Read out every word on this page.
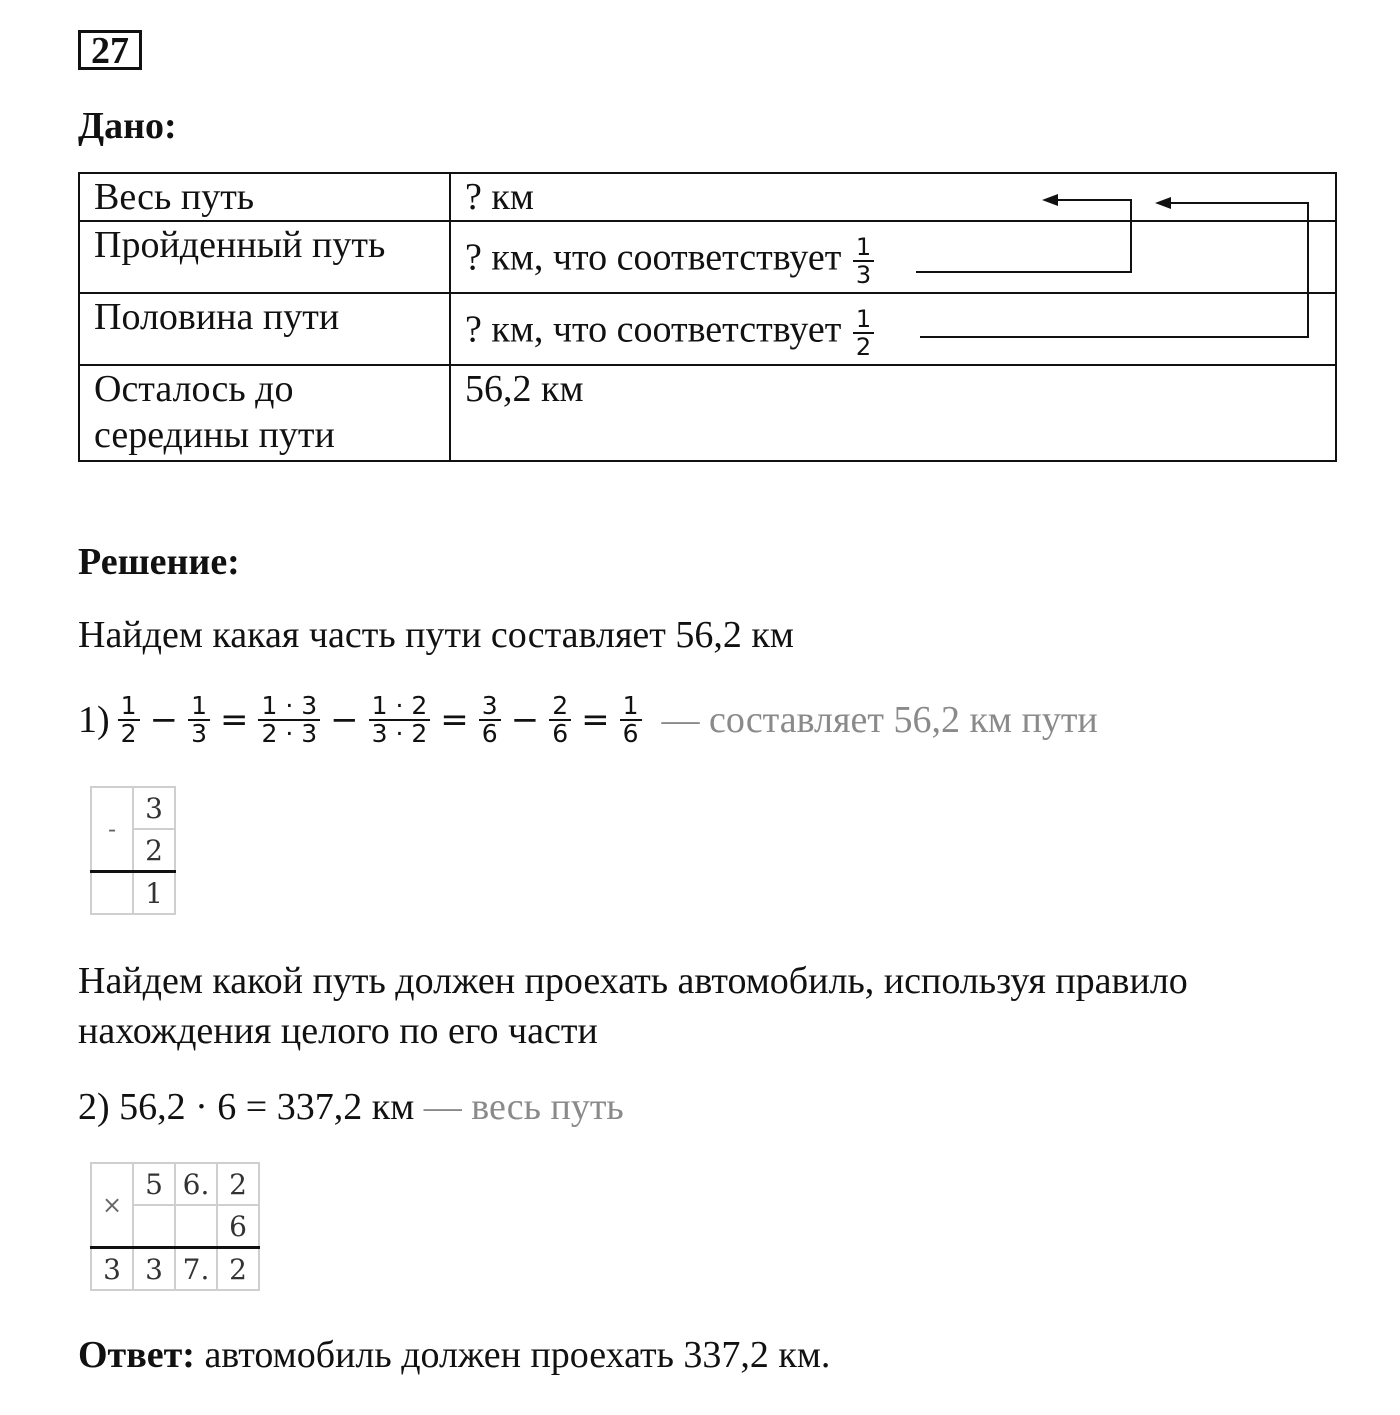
27
Дано:
Весь путь	? км
Пройденный путь	? км, что соответствует $\frac{1}{3}$

Половина пути	? км, что соответствует $\frac{1}{2}$

Осталось до
середины пути	56,2 км
Решение:
Найдем какая часть пути составляет 56,2 км
$1) \frac{1}{2} - \frac{1}{3} = \frac{1 \cdot 3}{2 \cdot 3} - \frac{1 \cdot 2}{3 \cdot 2} = \frac{3}{6} - \frac{2}{6} = \frac{1}{6}$ — составляет 56,2 км пути
-	3
	2
	1
Найдем какой путь должен проехать автомобиль, используя правило
нахождения целого по его части
2) 56,2 · 6 = 337,2 км — весь путь
×	5	6.	2
			6
3	3	7.	2
Ответ: автомобиль должен проехать 337,2 км.
